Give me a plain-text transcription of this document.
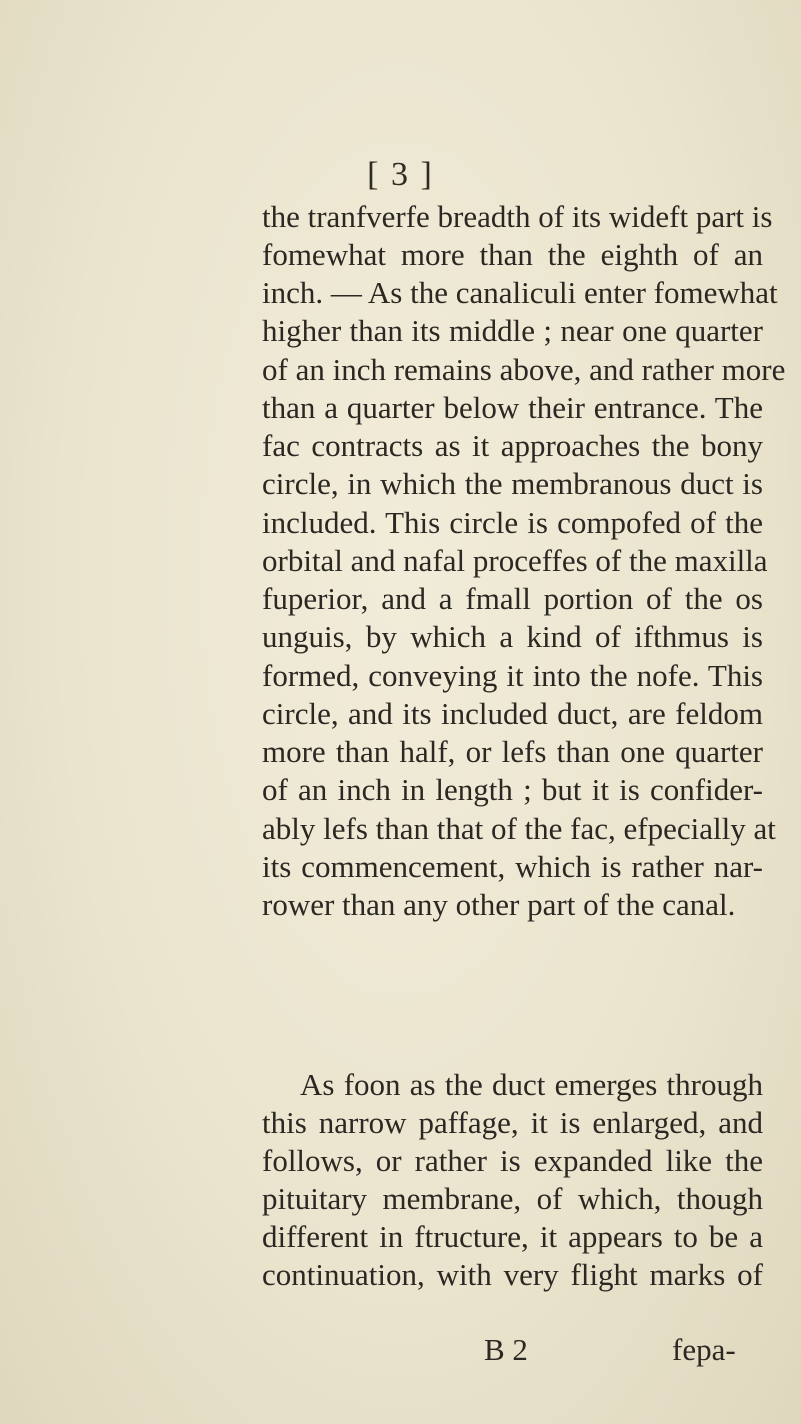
[ 3 ]
the tranfverfe breadth of its wideft part is
fomewhat more than the eighth of an
inch. — As the canaliculi enter fomewhat
higher than its middle ; near one quarter
of an inch remains above, and rather more
than a quarter below their entrance. The
fac contracts as it approaches the bony
circle, in which the membranous duct is
included. This circle is compofed of the
orbital and nafal proceffes of the maxilla
fuperior, and a fmall portion of the os
unguis, by which a kind of ifthmus is
formed, conveying it into the nofe. This
circle, and its included duct, are feldom
more than half, or lefs than one quarter
of an inch in length ; but it is confider-
ably lefs than that of the fac, efpecially at
its commencement, which is rather nar-
rower than any other part of the canal.
As foon as the duct emerges through
this narrow paffage, it is enlarged, and
follows, or rather is expanded like the
pituitary membrane, of which, though
different in ftructure, it appears to be a
continuation, with very flight marks of
B 2	fepa-
